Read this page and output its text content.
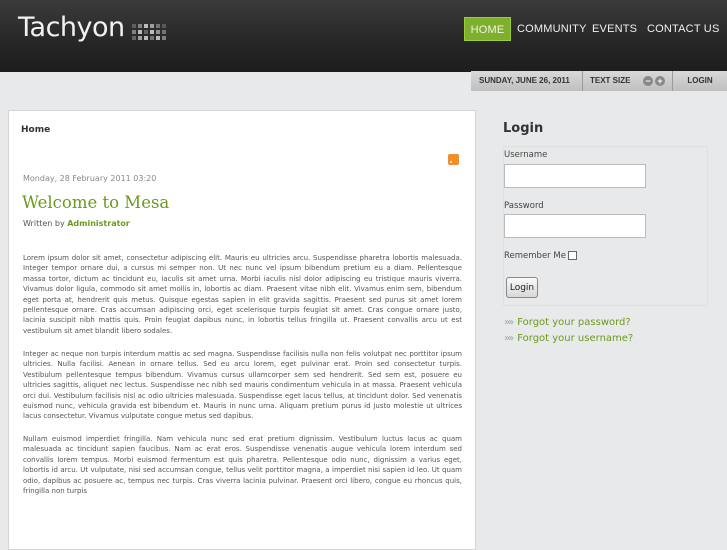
Tachyon	HOME	COMMUNITY EVENTS CONTACT US
SUNDAY, JUNE 26, 2011	TEXT SIZE − +	LOGIN
Home
Monday, 28 February 2011 03:20
Welcome to Mesa
Written by Administrator

Lorem ipsum dolor sit amet, consectetur adipiscing elit. Mauris eu ultricies arcu. Suspendisse pharetra lobortis malesuada. Integer tempor ornare dui, a cursus mi semper non. Ut nec nunc vel ipsum bibendum pretium eu a diam. Pellentesque massa tortor, dictum ac tincidunt eu, iaculis sit amet urna. Morbi iaculis nisl dolor adipiscing eu tristique mauris viverra. Vivamus dolor ligula, commodo sit amet mollis in, lobortis ac diam. Praesent vitae nibh elit. Vivamus enim sem, bibendum eget porta at, hendrerit quis metus. Quisque egestas sapien in elit gravida sagittis. Praesent sed purus sit amet lorem pellentesque ornare. Cras accumsan adipiscing orci, eget scelerisque turpis feugiat sit amet. Cras congue ornare justo, lacinia suscipit nibh mattis quis. Proin feugiat dapibus nunc, in lobortis tellus fringilla ut. Praesent convallis arcu ut est vestibulum sit amet blandit libero sodales.

Integer ac neque non turpis interdum mattis ac sed magna. Suspendisse facilisis nulla non felis volutpat nec porttitor ipsum ultricies. Nulla facilisi. Aenean in ornare tellus. Sed eu arcu lorem, eget pulvinar erat. Proin sed consectetur turpis. Vestibulum pellentesque tempus bibendum. Vivamus cursus ullamcorper sem sed hendrerit. Sed sem est, posuere eu ultricies sagittis, aliquet nec lectus. Suspendisse nec nibh sed mauris condimentum vehicula in at massa. Praesent vehicula orci dui. Vestibulum facilisis nisl ac odio ultricies malesuada. Suspendisse eget lacus tellus, at tincidunt dolor. Sed venenatis euismod nunc, vehicula gravida est bibendum et. Mauris in nunc urna. Aliquam pretium purus id justo molestie ut ultrices lacus consectetur. Vivamus vulputate congue metus sed dapibus.

Nullam euismod imperdiet fringilla. Nam vehicula nunc sed erat pretium dignissim. Vestibulum luctus lacus ac quam malesuada ac tincidunt sapien faucibus. Nam ac erat eros. Suspendisse venenatis augue vehicula lorem interdum sed convallis lorem tempus. Morbi euismod fermentum est quis pharetra. Pellentesque odio nunc, dignissim a varius eget, lobortis id arcu. Ut vulputate, nisi sed accumsan congue, tellus velit porttitor magna, a imperdiet nisi sapien id leo. Ut quam odio, dapibus ac posuere ac, tempus nec turpis. Cras viverra lacinia pulvinar. Praesent orci libero, congue eu rhoncus quis, fringilla non turpis

Login
Username
Password
Remember Me
Login
»» Forgot your password?
»» Forgot your username?
